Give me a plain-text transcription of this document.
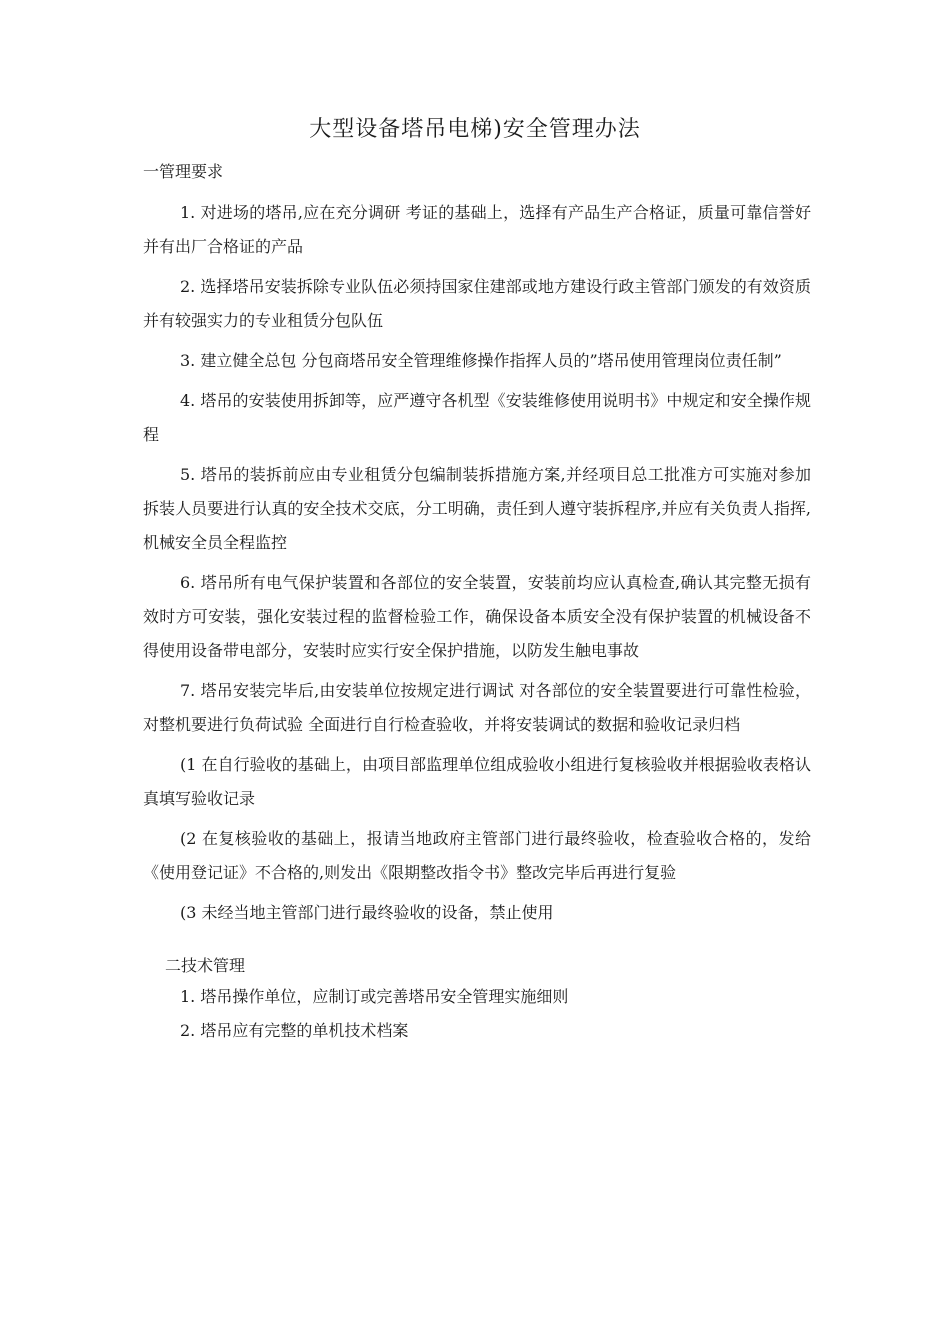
大型设备塔吊电梯)安全管理办法

一管理要求

1. 对进场的塔吊,应在充分调研 考证的基础上，选择有产品生产合格证，质量可靠信誉好并有出厂合格证的产品

2. 选择塔吊安装拆除专业队伍必须持国家住建部或地方建设行政主管部门颁发的有效资质并有较强实力的专业租赁分包队伍

3. 建立健全总包 分包商塔吊安全管理维修操作指挥人员的”塔吊使用管理岗位责任制”

4. 塔吊的安装使用拆卸等，应严遵守各机型《安装维修使用说明书》中规定和安全操作规程

5. 塔吊的装拆前应由专业租赁分包编制装拆措施方案,并经项目总工批准方可实施对参加拆装人员要进行认真的安全技术交底，分工明确，责任到人遵守装拆程序,并应有关负责人指挥,机械安全员全程监控

6. 塔吊所有电气保护装置和各部位的安全装置，安装前均应认真检查,确认其完整无损有效时方可安装，强化安装过程的监督检验工作，确保设备本质安全没有保护装置的机械设备不得使用设备带电部分，安装时应实行安全保护措施，以防发生触电事故

7. 塔吊安装完毕后,由安装单位按规定进行调试 对各部位的安全装置要进行可靠性检验，对整机要进行负荷试验 全面进行自行检查验收，并将安装调试的数据和验收记录归档

(1 在自行验收的基础上，由项目部监理单位组成验收小组进行复核验收并根据验收表格认真填写验收记录

(2 在复核验收的基础上，报请当地政府主管部门进行最终验收，检查验收合格的，发给《使用登记证》不合格的,则发出《限期整改指令书》整改完毕后再进行复验

(3 未经当地主管部门进行最终验收的设备，禁止使用

二技术管理

1. 塔吊操作单位，应制订或完善塔吊安全管理实施细则

2. 塔吊应有完整的单机技术档案
